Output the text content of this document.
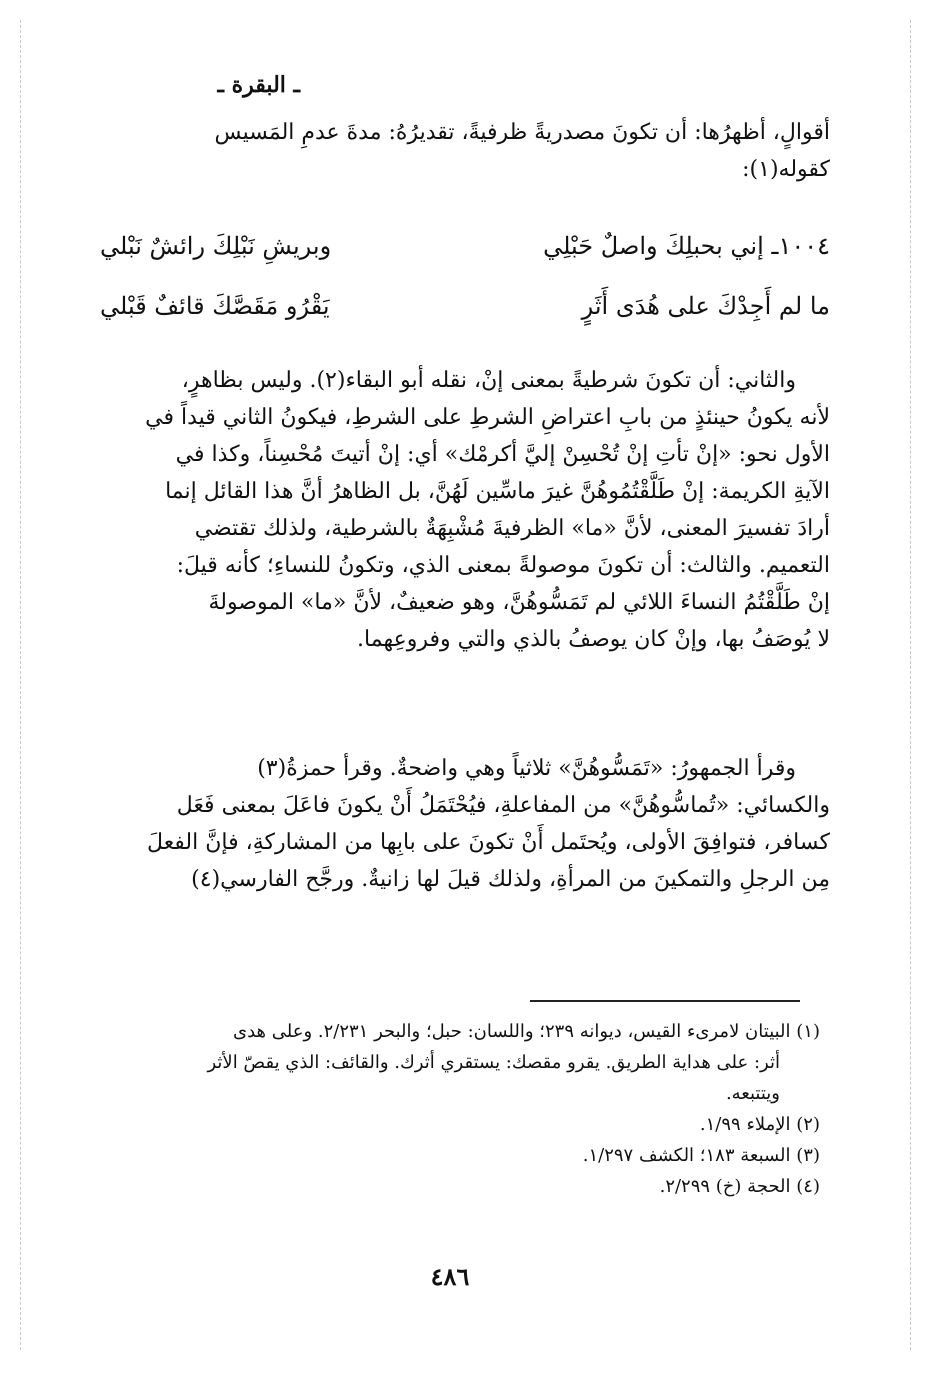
ـ البقرة ـ

أقوالٍ، أظهرُها: أن تكونَ مصدريةً ظرفيةً، تقديرُهُ: مدةَ عدمِ المَسيس

كقوله(١):

١٠٠٤ـ إني بحبلِكَ واصلٌ حَبْلِي
وبريشِ نَبْلِكَ رائشٌ نَبْلي
ما لم أَجِدْكَ على هُدَى أَثَرٍ
يَقْرُو مَقَصَّكَ قائفٌ قَبْلي

والثاني: أن تكونَ شرطيةً بمعنى إنْ، نقله أبو البقاء(٢). وليس بظاهرٍ،

لأنه يكونُ حينئذٍ من بابِ اعتراضِ الشرطِ على الشرطِ، فيكونُ الثاني قيداً في

الأول نحو: «إنْ تأتِ إنْ تُحْسِنْ إليَّ أكرمْك» أي: إنْ أتيتَ مُحْسِناً، وكذا في

الآيةِ الكريمة: إنْ طَلَّقْتُمُوهُنَّ غيرَ ماسِّين لَهُنَّ، بل الظاهرُ أنَّ هذا القائل إنما

أرادَ تفسيرَ المعنى، لأنَّ «ما» الظرفيةَ مُشْبِهَةٌ بالشرطية، ولذلك تقتضي

التعميم. والثالث: أن تكونَ موصولةً بمعنى الذي، وتكونُ للنساءِ؛ كأنه قيلَ:

إنْ طَلَّقْتُمُ النساءَ اللائي لم تَمَسُّوهُنَّ، وهو ضعيفٌ، لأنَّ «ما» الموصولةَ

لا يُوصَفُ بها، وإنْ كان يوصفُ بالذي والتي وفروعِهما.

وقرأ الجمهورُ: «تَمَسُّوهُنَّ» ثلاثياً وهي واضحةٌ. وقرأ حمزةُ(٣)

والكسائي: «تُماسُّوهُنَّ» من المفاعلةِ، فيُحْتَمَلُ أَنْ يكونَ فاعَلَ بمعنى فَعَل

كسافر، فتوافِقَ الأولى، ويُحتَمل أَنْ تكونَ على بابِها من المشاركةِ، فإنَّ الفعلَ

مِن الرجلِ والتمكينَ من المرأةِ، ولذلك قيلَ لها زانيةٌ. ورجَّح الفارسي(٤)

(١) البيتان لامرىء القيس، ديوانه ٢٣٩؛ واللسان: حبل؛ والبحر ٢/٢٣١. وعلى هدى

أثر: على هداية الطريق. يقرو مقصك: يستقري أثرك. والقائف: الذي يقصّ الأثر

ويتتبعه.

(٢) الإملاء ١/٩٩.

(٣) السبعة ١٨٣؛ الكشف ١/٢٩٧.

(٤) الحجة (خ) ٢/٢٩٩.

٤٨٦
